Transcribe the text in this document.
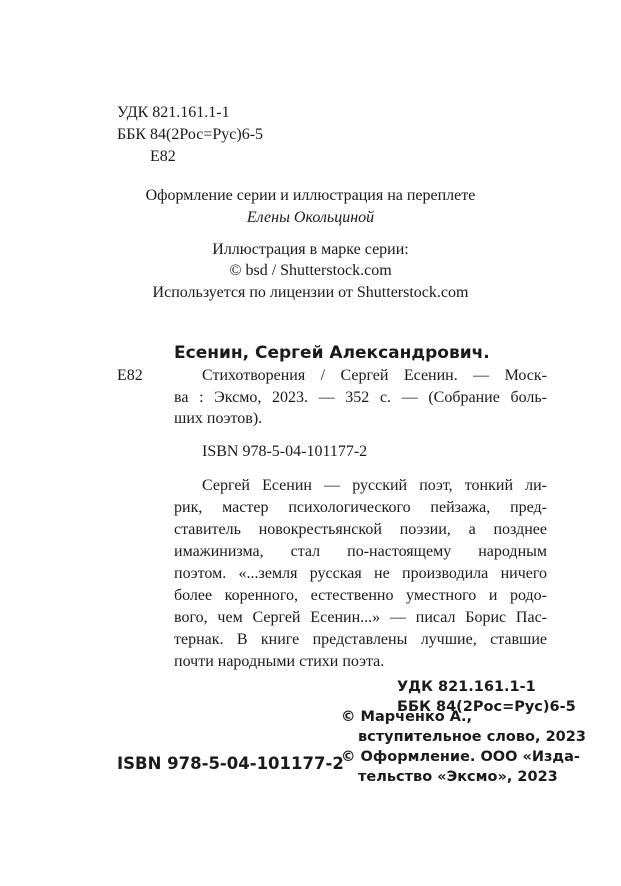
УДК 821.161.1-1

ББК 84(2Рос=Рус)6-5

Е82

Оформление серии и иллюстрация на переплете

Елены Окольциной

Иллюстрация в марке серии:

© bsd / Shutterstock.com

Используется по лицензии от Shutterstock.com

Есенин, Сергей Александрович.

Е82	Стихотворения / Сергей Есенин. — Моск-

ва : Эксмо, 2023. — 352 с. — (Собрание боль-

ших поэтов).

ISBN 978-5-04-101177-2

Сергей Есенин — русский поэт, тонкий ли-

рик, мастер психологического пейзажа, пред-

ставитель новокрестьянской поэзии, а позднее

имажинизма, стал по-настоящему народным

поэтом. «...земля русская не производила ничего

более коренного, естественно уместного и родо-

вого, чем Сергей Есенин...» — писал Борис Пас-

тернак. В книге представлены лучшие, ставшие

почти народными стихи поэта.

УДК 821.161.1-1

ББК 84(2Рос=Рус)6-5

© Марченко А.,

вступительное слово, 2023

© Оформление. ООО «Изда-

тельство «Эксмо», 2023

ISBN 978-5-04-101177-2
